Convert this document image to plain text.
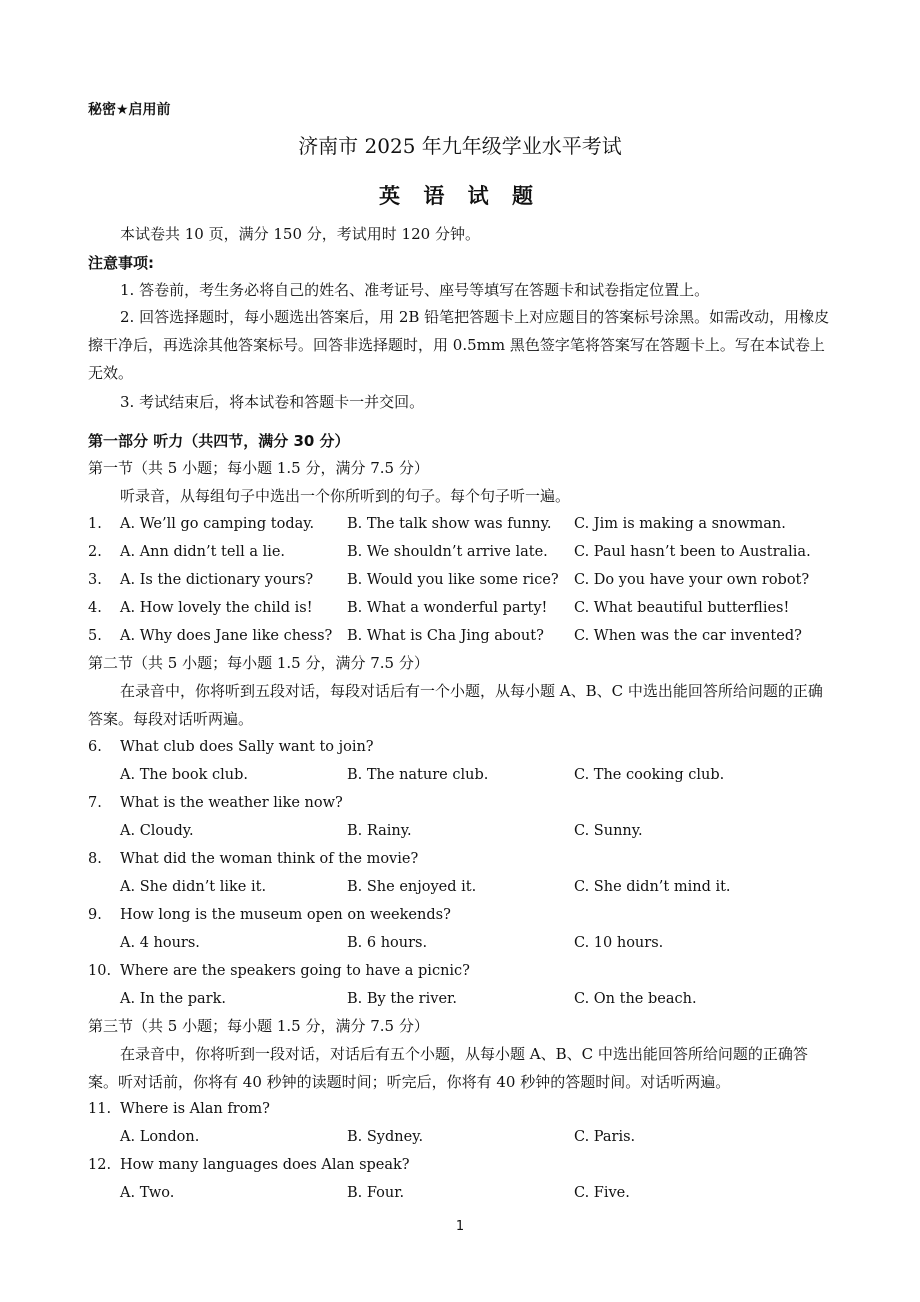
秘密★启用前
济南市 2025 年九年级学业水平考试
英 语 试 题
本试卷共 10 页，满分 150 分，考试用时 120 分钟。
注意事项:
1. 答卷前，考生务必将自己的姓名、准考证号、座号等填写在答题卡和试卷指定位置上。
2. 回答选择题时，每小题选出答案后，用 2B 铅笔把答题卡上对应题目的答案标号涂黑。如需改动，用橡皮擦干净后，再选涂其他答案标号。回答非选择题时，用 0.5mm 黑色签字笔将答案写在答题卡上。写在本试卷上无效。
3. 考试结束后，将本试卷和答题卡一并交回。
第一部分 听力（共四节，满分 30 分）
第一节（共 5 小题；每小题 1.5 分，满分 7.5 分）
听录音，从每组句子中选出一个你所听到的句子。每个句子听一遍。
1. A. We’ll go camping today. B. The talk show was funny. C. Jim is making a snowman.
2. A. Ann didn’t tell a lie.	B. We shouldn’t arrive late. C. Paul hasn’t been to Australia.
3. A. Is the dictionary yours? B. Would you like some rice? C. Do you have your own robot?
4. A. How lovely the child is! B. What a wonderful party! C. What beautiful butterflies!
5. A. Why does Jane like chess? B. What is Cha Jing about? C. When was the car invented?
第二节（共 5 小题；每小题 1.5 分，满分 7.5 分）
在录音中，你将听到五段对话，每段对话后有一个小题，从每小题 A、B、C 中选出能回答所给问题的正确答案。每段对话听两遍。
6. What club does Sally want to join?
A. The book club.	B. The nature club.	C. The cooking club.
7. What is the weather like now?
A. Cloudy.	B. Rainy.	C. Sunny.
8. What did the woman think of the movie?
A. She didn’t like it.	B. She enjoyed it.	C. She didn’t mind it.
9. How long is the museum open on weekends?
A. 4 hours.	B. 6 hours.	C. 10 hours.
10. Where are the speakers going to have a picnic?
A. In the park.	B. By the river.	C. On the beach.
第三节（共 5 小题；每小题 1.5 分，满分 7.5 分）
在录音中，你将听到一段对话，对话后有五个小题，从每小题 A、B、C 中选出能回答所给问题的正确答案。听对话前，你将有 40 秒钟的读题时间；听完后，你将有 40 秒钟的答题时间。对话听两遍。
11. Where is Alan from?
A. London.	B. Sydney.	C. Paris.
12. How many languages does Alan speak?
A. Two.	B. Four.	C. Five.
1
